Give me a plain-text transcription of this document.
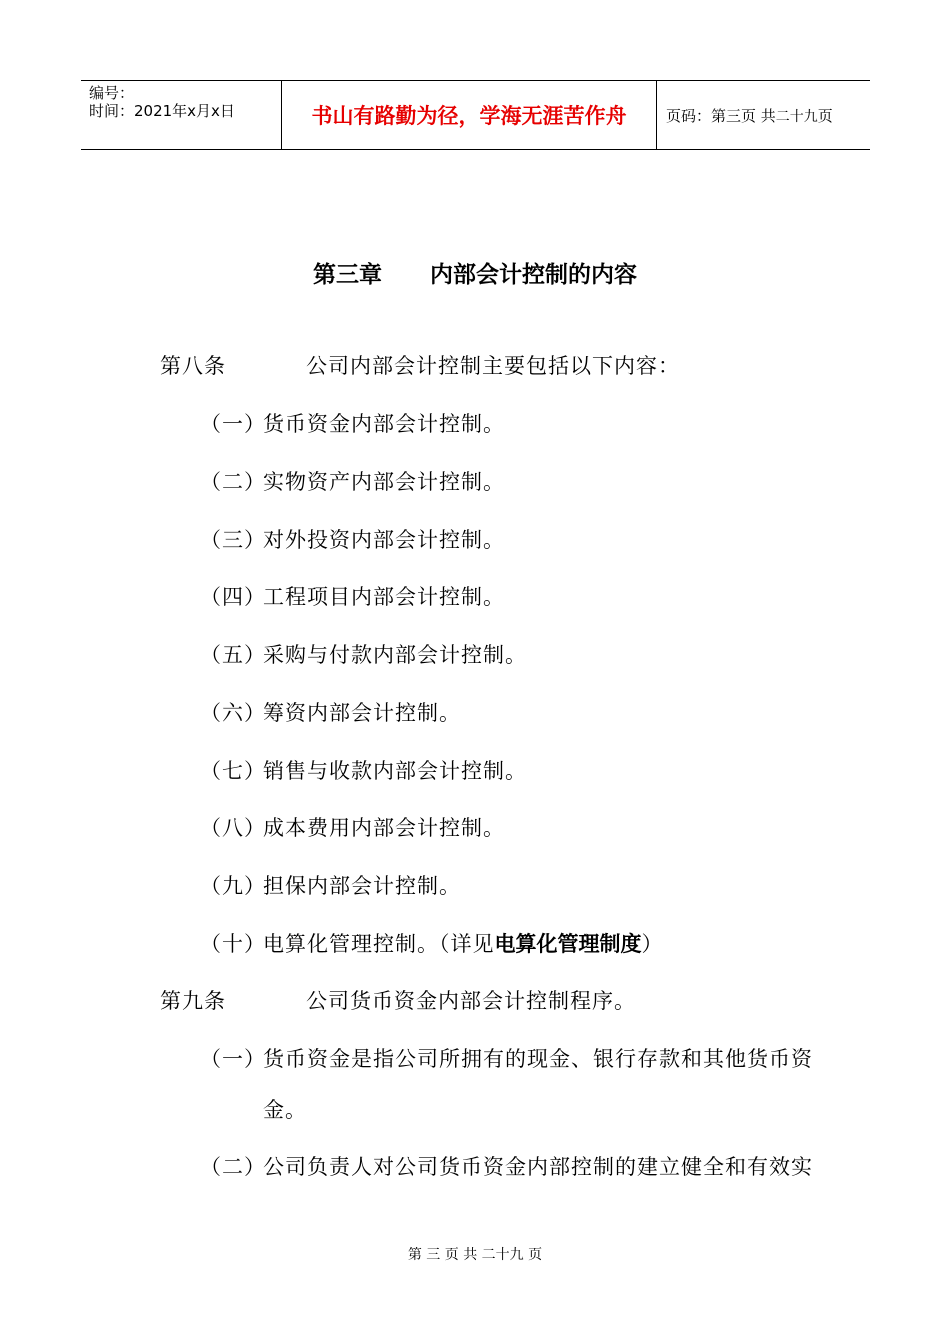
编号：
时间：2021年x月x日	书山有路勤为径，学海无涯苦作舟	页码：第三页 共二十九页
第三章      内部会计控制的内容
第八条	公司内部会计控制主要包括以下内容：
（一）
货币资金内部会计控制。
（二）
实物资产内部会计控制。
（三）
对外投资内部会计控制。
（四）
工程项目内部会计控制。
（五）
采购与付款内部会计控制。
（六）
筹资内部会计控制。
（七）
销售与收款内部会计控制。
（八）
成本费用内部会计控制。
（九）
担保内部会计控制。
（十）
电算化管理控制。（详见电算化管理制度）
第九条	公司货币资金内部会计控制程序。
（一）
货币资金是指公司所拥有的现金、银行存款和其他货币资
金。
（二）
公司负责人对公司货币资金内部控制的建立健全和有效实
第 三 页 共 二十九 页
